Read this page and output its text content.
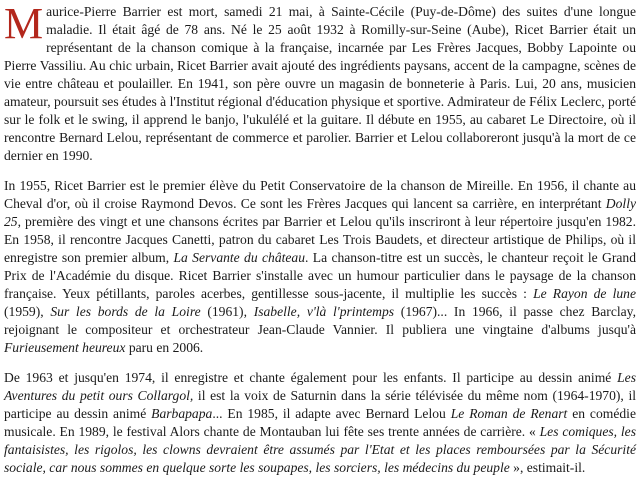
Maurice-Pierre Barrier est mort, samedi 21 mai, à Sainte-Cécile (Puy-de-Dôme) des suites d'une longue maladie. Il était âgé de 78 ans. Né le 25 août 1932 à Romilly-sur-Seine (Aube), Ricet Barrier était un représentant de la chanson comique à la française, incarnée par Les Frères Jacques, Bobby Lapointe ou Pierre Vassiliu. Au chic urbain, Ricet Barrier avait ajouté des ingrédients paysans, accent de la campagne, scènes de vie entre château et poulailler. En 1941, son père ouvre un magasin de bonneterie à Paris. Lui, 20 ans, musicien amateur, poursuit ses études à l'Institut régional d'éducation physique et sportive. Admirateur de Félix Leclerc, porté sur le folk et le swing, il apprend le banjo, l'ukulélé et la guitare. Il débute en 1955, au cabaret Le Directoire, où il rencontre Bernard Lelou, représentant de commerce et parolier. Barrier et Lelou collaboreront jusqu'à la mort de ce dernier en 1990.

In 1955, Ricet Barrier est le premier élève du Petit Conservatoire de la chanson de Mireille. En 1956, il chante au Cheval d'or, où il croise Raymond Devos. Ce sont les Frères Jacques qui lancent sa carrière, en interprétant Dolly 25, première des vingt et une chansons écrites par Barrier et Lelou qu'ils inscriront à leur répertoire jusqu'en 1982. En 1958, il rencontre Jacques Canetti, patron du cabaret Les Trois Baudets, et directeur artistique de Philips, où il enregistre son premier album, La Servante du château. La chanson-titre est un succès, le chanteur reçoit le Grand Prix de l'Académie du disque. Ricet Barrier s'installe avec un humour particulier dans le paysage de la chanson française. Yeux pétillants, paroles acerbes, gentillesse sous-jacente, il multiplie les succès : Le Rayon de lune (1959), Sur les bords de la Loire (1961), Isabelle, v'là l'printemps (1967)... In 1966, il passe chez Barclay, rejoignant le compositeur et orchestrateur Jean-Claude Vannier. Il publiera une vingtaine d'albums jusqu'à Furieusement heureux paru en 2006.

De 1963 et jusqu'en 1974, il enregistre et chante également pour les enfants. Il participe au dessin animé Les Aventures du petit ours Collargol, il est la voix de Saturnin dans la série télévisée du même nom (1964-1970), il participe au dessin animé Barbapapa... En 1985, il adapte avec Bernard Lelou Le Roman de Renart en comédie musicale. En 1989, le festival Alors chante de Montauban lui fête ses trente années de carrière. « Les comiques, les fantaisistes, les rigolos, les clowns devraient être assumés par l'Etat et les places remboursées par la Sécurité sociale, car nous sommes en quelque sorte les soupapes, les sorciers, les médecins du peuple », estimait-il.
